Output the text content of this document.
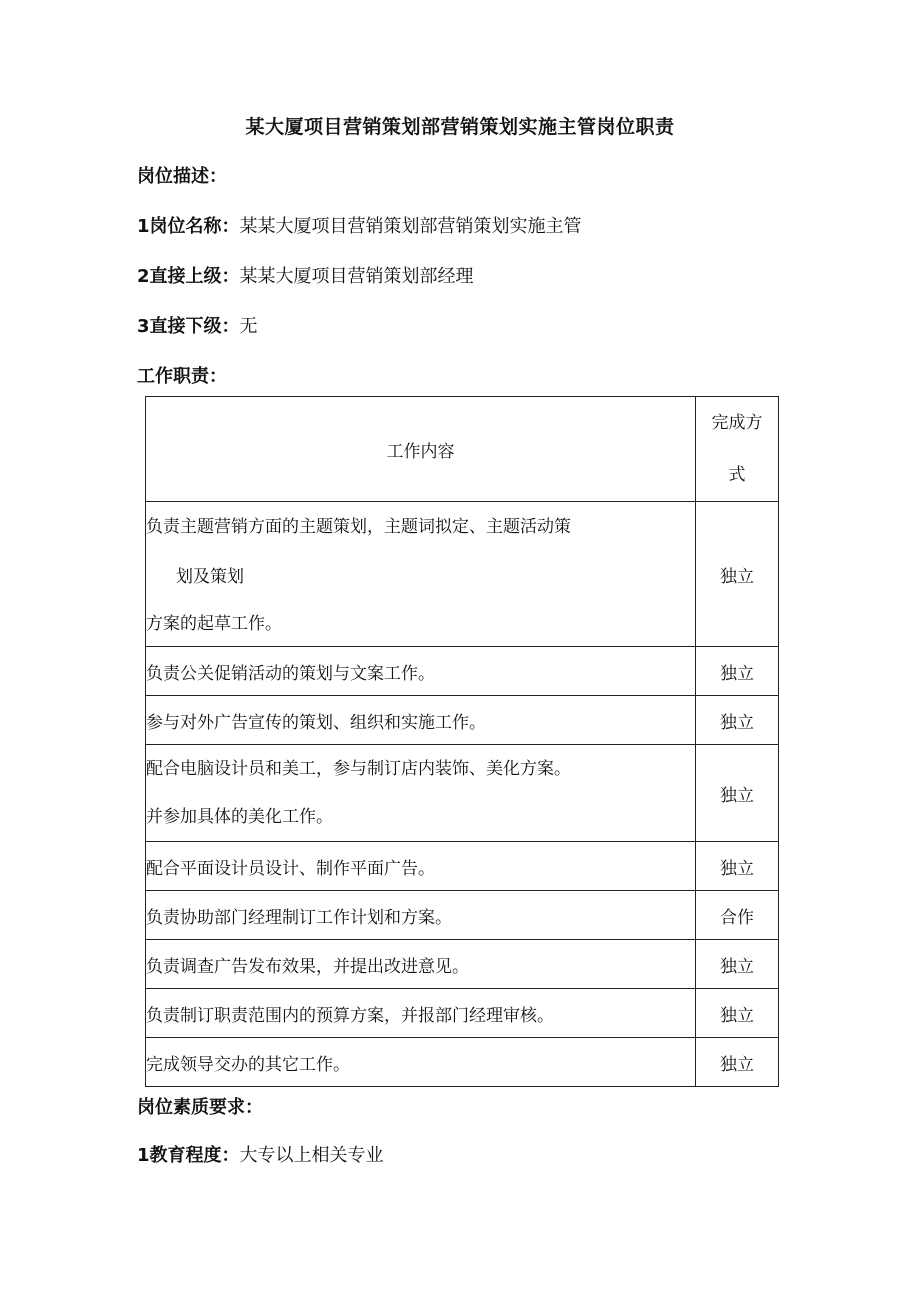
某大厦项目营销策划部营销策划实施主管岗位职责
岗位描述：
1岗位名称：某某大厦项目营销策划部营销策划实施主管
2直接上级：某某大厦项目营销策划部经理
3直接下级：无
工作职责：
工作内容	完成方
式

负责主题营销方面的主题策划，主题词拟定、主题活动策
划及策划
方案的起草工作。	独立
负责公关促销活动的策划与文案工作。	独立
参与对外广告宣传的策划、组织和实施工作。	独立

配合电脑设计员和美工，参与制订店内装饰、美化方案。
并参加具体的美化工作。	独立
配合平面设计员设计、制作平面广告。	独立
负责协助部门经理制订工作计划和方案。	合作
负责调查广告发布效果，并提出改进意见。	独立
负责制订职责范围内的预算方案，并报部门经理审核。	独立
完成领导交办的其它工作。	独立
岗位素质要求：
1教育程度：大专以上相关专业
